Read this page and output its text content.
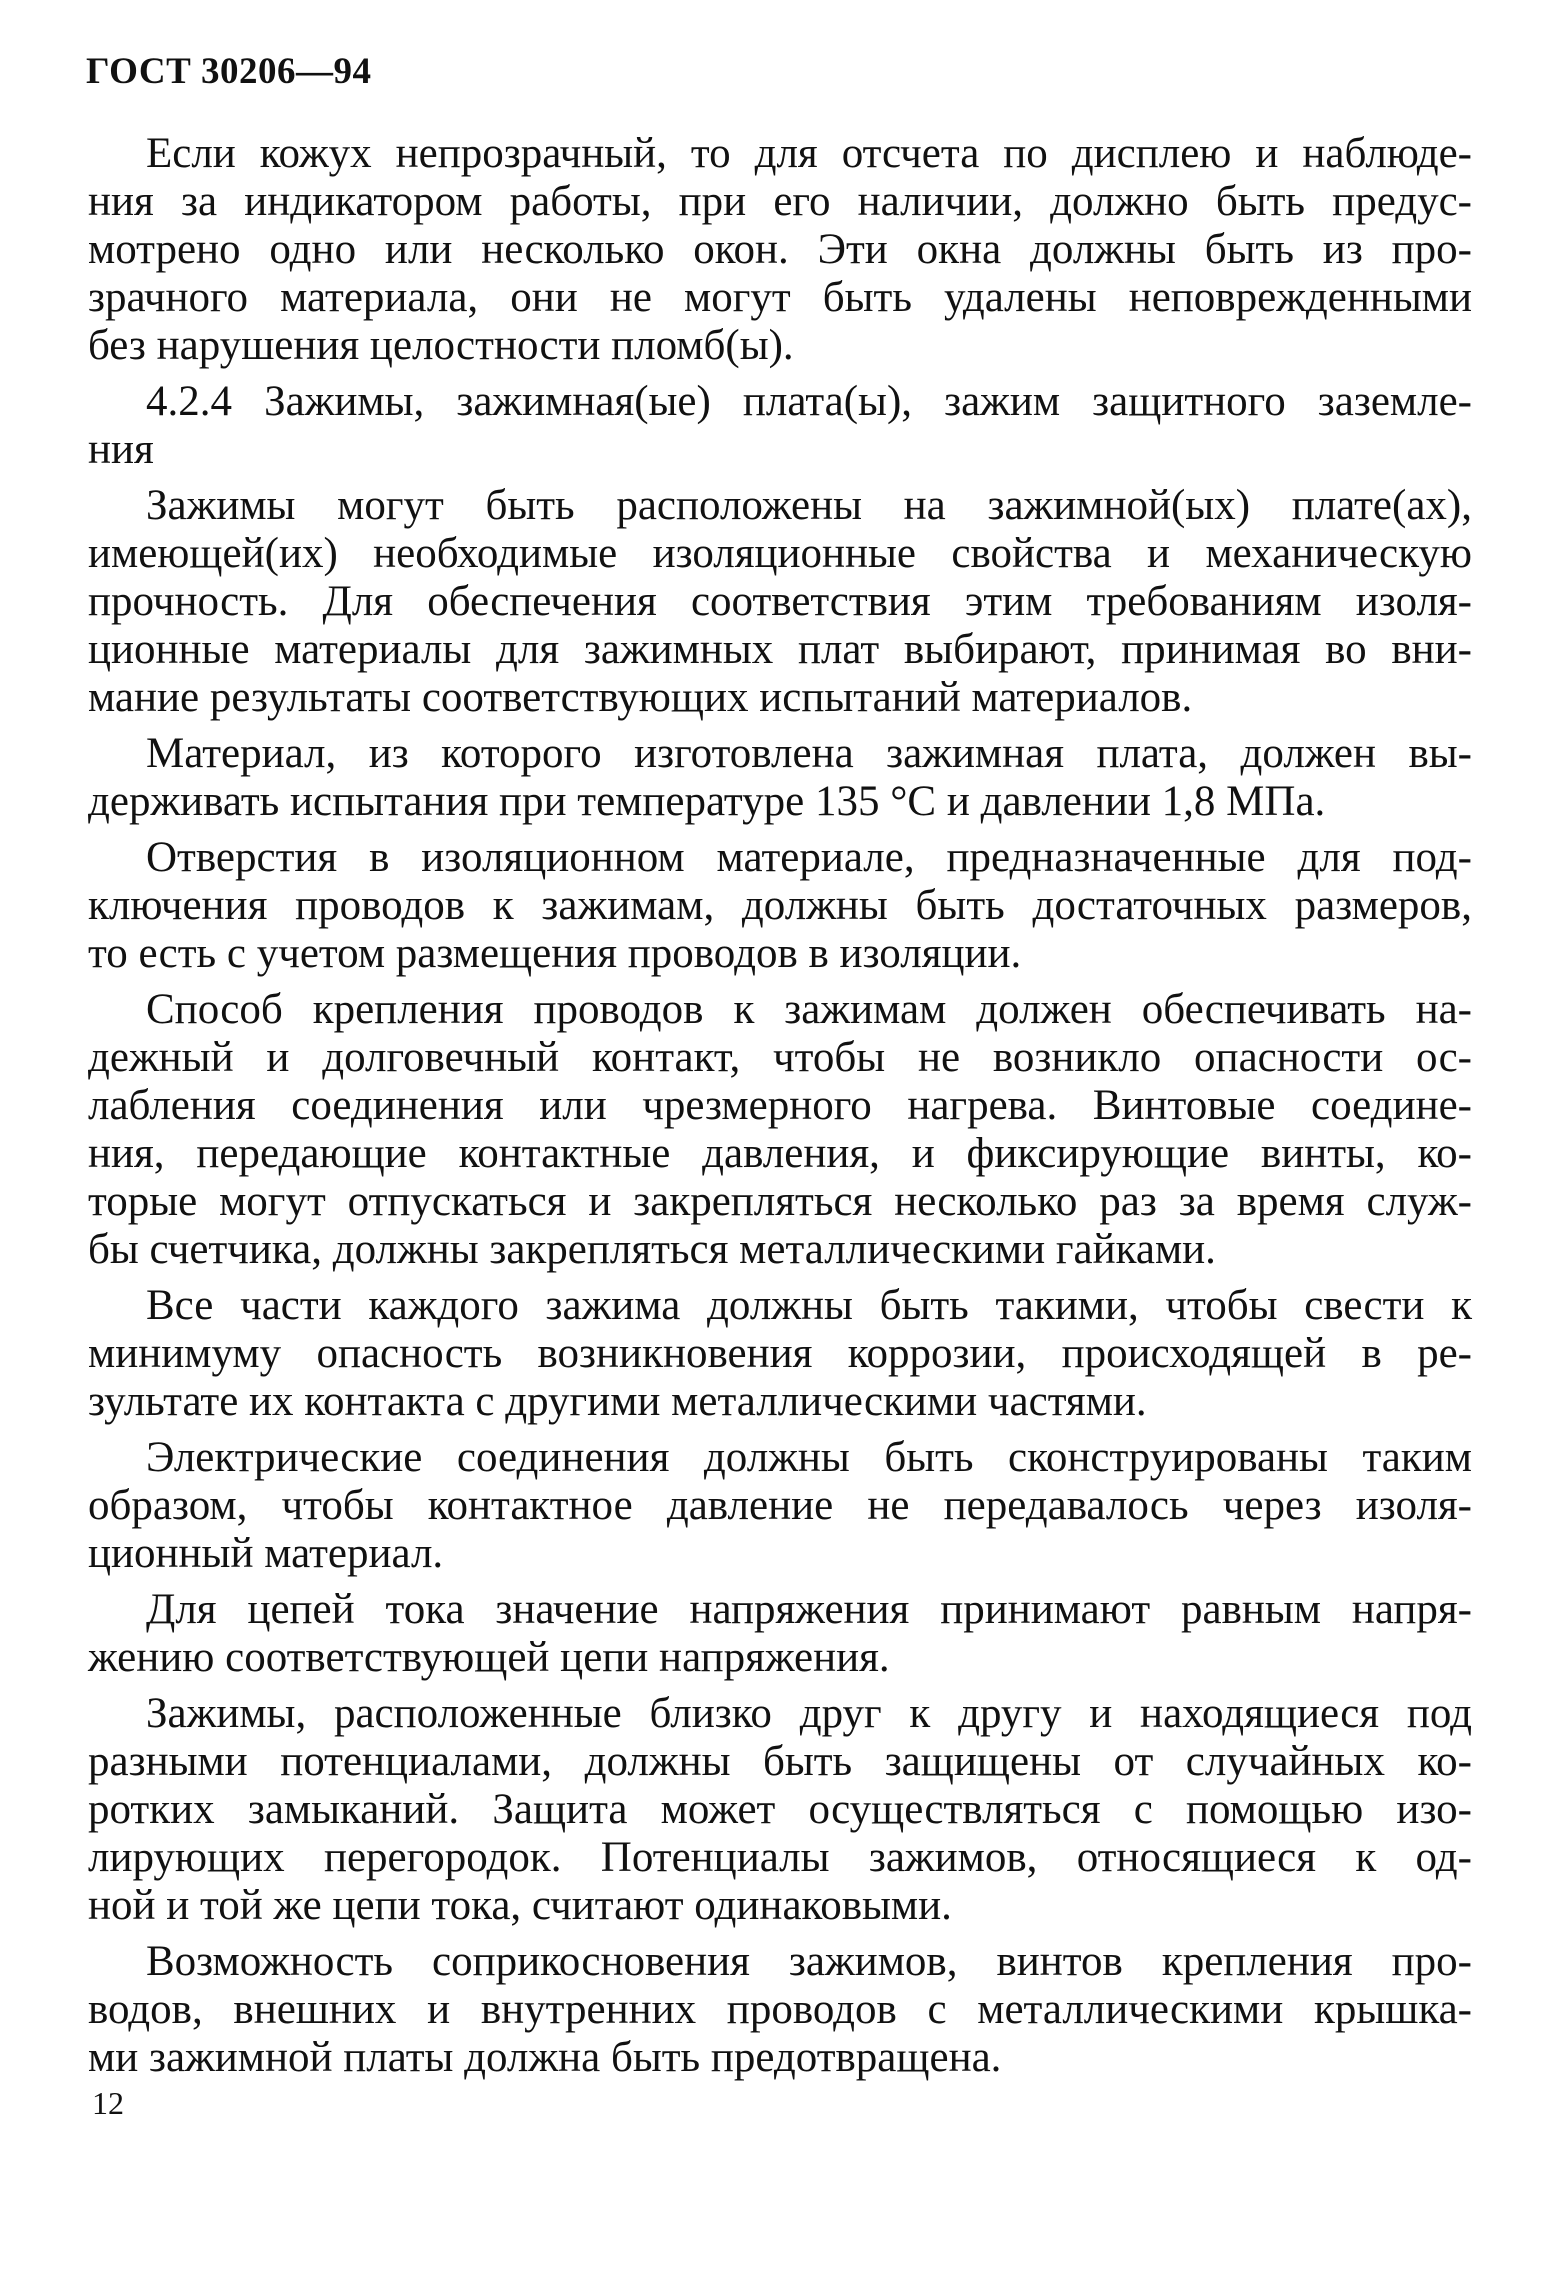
ГОСТ 30206—94
Если кожух непрозрачный, то для отсчета по дисплею и наблюде-
ния за индикатором работы, при его наличии, должно быть предус-
мотрено одно или несколько окон. Эти окна должны быть из про-
зрачного материала, они не могут быть удалены неповрежденными
без нарушения целостности пломб(ы).
4.2.4 Зажимы, зажимная(ые) плата(ы), зажим защитного заземле-
ния
Зажимы могут быть расположены на зажимной(ых) плате(ах),
имеющей(их) необходимые изоляционные свойства и механическую
прочность. Для обеспечения соответствия этим требованиям изоля-
ционные материалы для зажимных плат выбирают, принимая во вни-
мание результаты соответствующих испытаний материалов.
Материал, из которого изготовлена зажимная плата, должен вы-
держивать испытания при температуре 135 °С и давлении 1,8 МПа.
Отверстия в изоляционном материале, предназначенные для под-
ключения проводов к зажимам, должны быть достаточных размеров,
то есть с учетом размещения проводов в изоляции.
Способ крепления проводов к зажимам должен обеспечивать на-
дежный и долговечный контакт, чтобы не возникло опасности ос-
лабления соединения или чрезмерного нагрева. Винтовые соедине-
ния, передающие контактные давления, и фиксирующие винты, ко-
торые могут отпускаться и закрепляться несколько раз за время служ-
бы счетчика, должны закрепляться металлическими гайками.
Все части каждого зажима должны быть такими, чтобы свести к
минимуму опасность возникновения коррозии, происходящей в ре-
зультате их контакта с другими металлическими частями.
Электрические соединения должны быть сконструированы таким
образом, чтобы контактное давление не передавалось через изоля-
ционный материал.
Для цепей тока значение напряжения принимают равным напря-
жению соответствующей цепи напряжения.
Зажимы, расположенные близко друг к другу и находящиеся под
разными потенциалами, должны быть защищены от случайных ко-
ротких замыканий. Защита может осуществляться с помощью изо-
лирующих перегородок. Потенциалы зажимов, относящиеся к од-
ной и той же цепи тока, считают одинаковыми.
Возможность соприкосновения зажимов, винтов крепления про-
водов, внешних и внутренних проводов с металлическими крышка-
ми зажимной платы должна быть предотвращена.
12
